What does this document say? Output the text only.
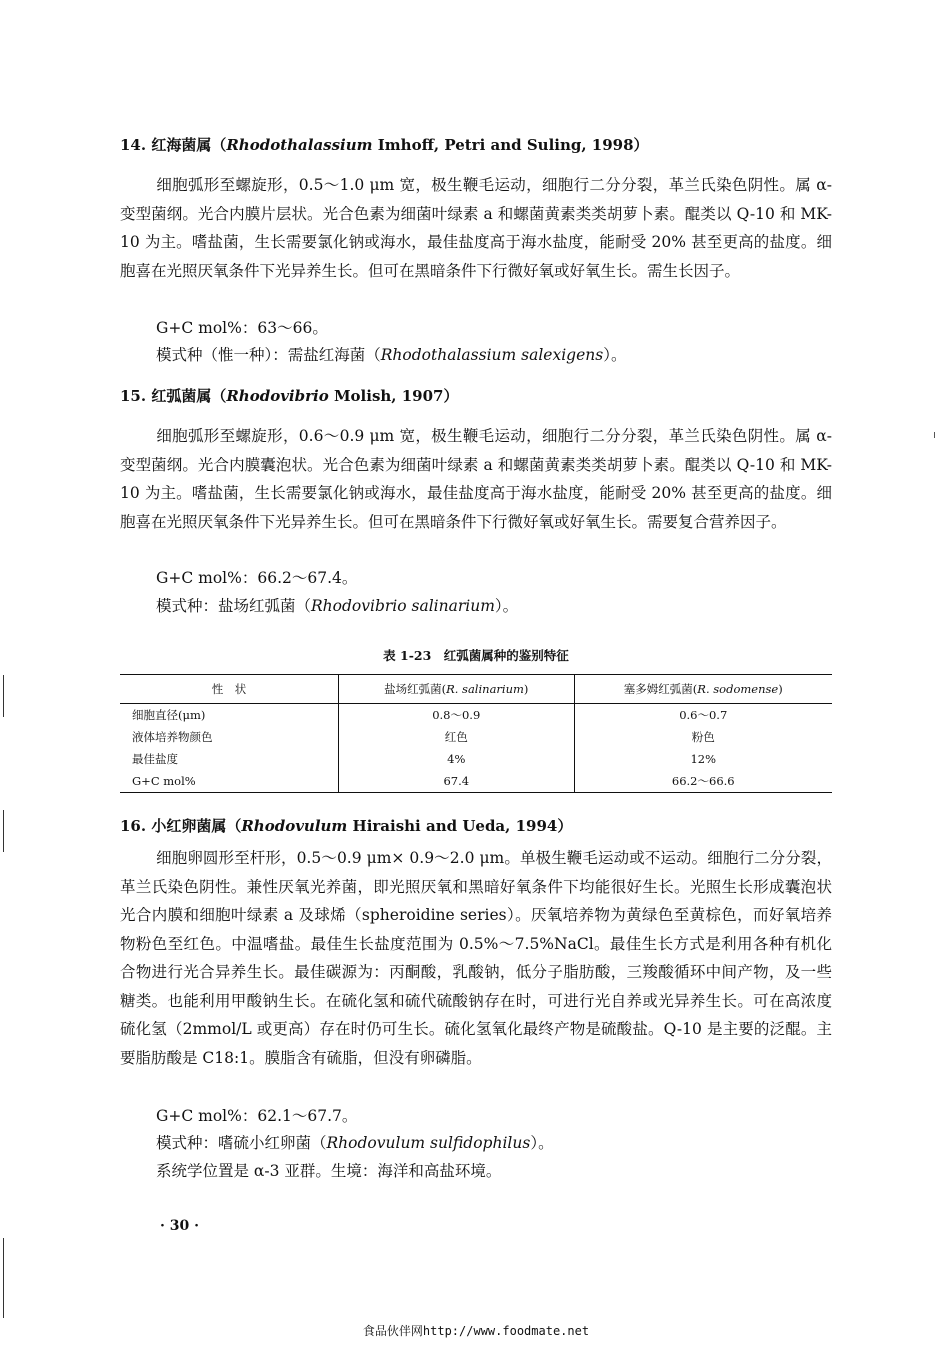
14. 红海菌属（Rhodothalassium Imhoff, Petri and Suling, 1998）

细胞弧形至螺旋形，0.5～1.0 μm 宽，极生鞭毛运动，细胞行二分分裂，革兰氏染色阴性。属 α-变型菌纲。光合内膜片层状。光合色素为细菌叶绿素 a 和螺菌黄素类类胡萝卜素。醌类以 Q-10 和 MK-10 为主。嗜盐菌，生长需要氯化钠或海水，最佳盐度高于海水盐度，能耐受 20% 甚至更高的盐度。细胞喜在光照厌氧条件下光异养生长。但可在黑暗条件下行微好氧或好氧生长。需生长因子。

G+C mol%：63～66。
模式种（惟一种）：需盐红海菌（Rhodothalassium salexigens）。
15. 红弧菌属（Rhodovibrio Molish, 1907）

细胞弧形至螺旋形，0.6～0.9 μm 宽，极生鞭毛运动，细胞行二分分裂，革兰氏染色阴性。属 α-变型菌纲。光合内膜囊泡状。光合色素为细菌叶绿素 a 和螺菌黄素类类胡萝卜素。醌类以 Q-10 和 MK-10 为主。嗜盐菌，生长需要氯化钠或海水，最佳盐度高于海水盐度，能耐受 20% 甚至更高的盐度。细胞喜在光照厌氧条件下光异养生长。但可在黑暗条件下行微好氧或好氧生长。需要复合营养因子。

G+C mol%：66.2～67.4。
模式种：盐场红弧菌（Rhodovibrio salinarium）。
表 1-23　红弧菌属种的鉴别特征
性　状	盐场红弧菌(R. salinarium)	塞多姆红弧菌(R. sodomense)
细胞直径(μm)	0.8～0.9	0.6～0.7
液体培养物颜色	红色	粉色
最佳盐度	4%	12%
G+C mol%	67.4	66.2～66.6
16. 小红卵菌属（Rhodovulum Hiraishi and Ueda, 1994）

细胞卵圆形至杆形，0.5～0.9 μm× 0.9～2.0 μm。单极生鞭毛运动或不运动。细胞行二分分裂，革兰氏染色阴性。兼性厌氧光养菌，即光照厌氧和黑暗好氧条件下均能很好生长。光照生长形成囊泡状光合内膜和细胞叶绿素 a 及球烯（spheroidine series）。厌氧培养物为黄绿色至黄棕色，而好氧培养物粉色至红色。中温嗜盐。最佳生长盐度范围为 0.5%～7.5%NaCl。最佳生长方式是利用各种有机化合物进行光合异养生长。最佳碳源为：丙酮酸，乳酸钠，低分子脂肪酸，三羧酸循环中间产物，及一些糖类。也能利用甲酸钠生长。在硫化氢和硫代硫酸钠存在时，可进行光自养或光异养生长。可在高浓度硫化氢（2mmol/L 或更高）存在时仍可生长。硫化氢氧化最终产物是硫酸盐。Q-10 是主要的泛醌。主要脂肪酸是 C18:1。膜脂含有硫脂，但没有卵磷脂。

G+C mol%：62.1～67.7。
模式种：嗜硫小红卵菌（Rhodovulum sulfidophilus）。
系统学位置是 α-3 亚群。生境：海洋和高盐环境。
· 30 ·
食品伙伴网http://www.foodmate.net
